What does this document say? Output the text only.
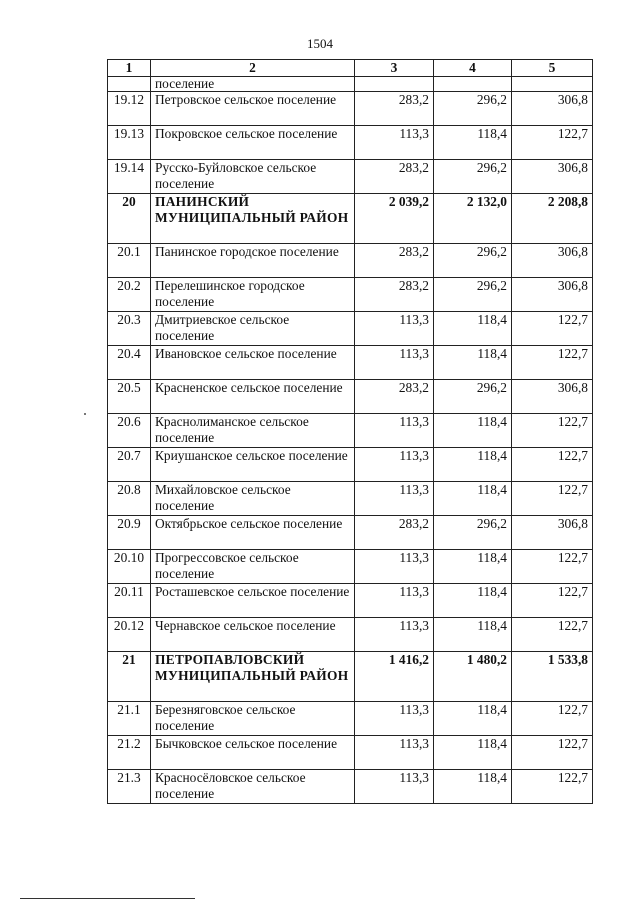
1504
1	2	3	4	5
	поселение			
19.12	Петровское сельское поселение	283,2	296,2	306,8
19.13	Покровское сельское поселение	113,3	118,4	122,7
19.14	Русско-Буйловское сельское поселение	283,2	296,2	306,8
20	ПАНИНСКИЙ МУНИЦИПАЛЬНЫЙ РАЙОН	2 039,2	2 132,0	2 208,8
20.1	Панинское городское поселение	283,2	296,2	306,8
20.2	Перелешинское городское поселение	283,2	296,2	306,8
20.3	Дмитриевское сельское поселение	113,3	118,4	122,7
20.4	Ивановское сельское поселение	113,3	118,4	122,7
20.5	Красненское сельское поселение	283,2	296,2	306,8
20.6	Краснолиманское сельское поселение	113,3	118,4	122,7
20.7	Криушанское сельское поселение	113,3	118,4	122,7
20.8	Михайловское сельское поселение	113,3	118,4	122,7
20.9	Октябрьское сельское поселение	283,2	296,2	306,8
20.10	Прогрессовское сельское поселение	113,3	118,4	122,7
20.11	Росташевское сельское поселение	113,3	118,4	122,7
20.12	Чернавское сельское поселение	113,3	118,4	122,7
21	ПЕТРОПАВЛОВСКИЙ МУНИЦИПАЛЬНЫЙ РАЙОН	1 416,2	1 480,2	1 533,8
21.1	Березняговское сельское поселение	113,3	118,4	122,7
21.2	Бычковское сельское поселение	113,3	118,4	122,7
21.3	Красносёловское сельское поселение	113,3	118,4	122,7
